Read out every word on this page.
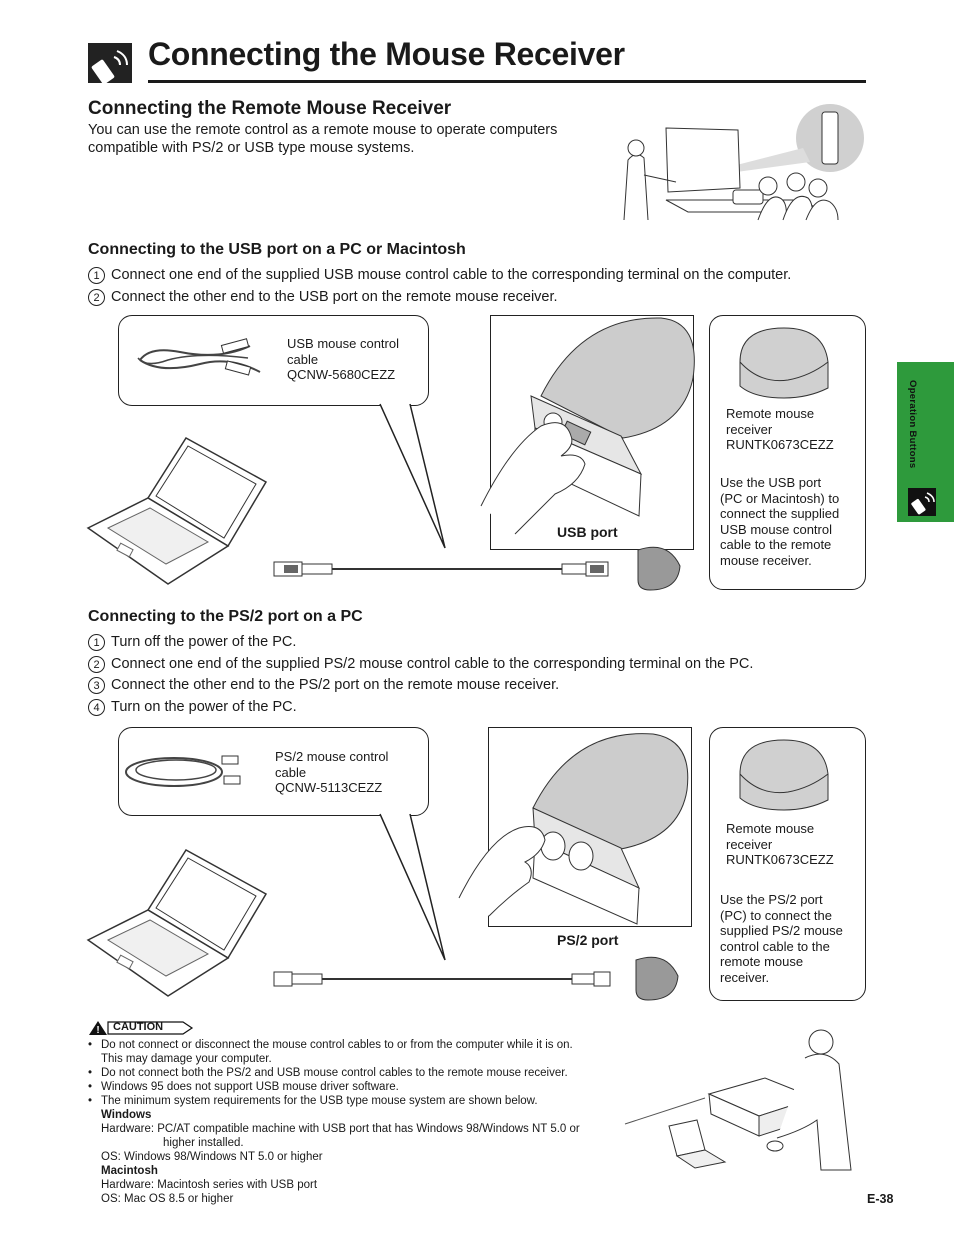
Connecting the Mouse Receiver
Connecting the Remote Mouse Receiver
You can use the remote control as a remote mouse to operate computers compatible with PS/2 or USB type mouse systems.
Connecting to the USB port on a PC or Macintosh
1 Connect one end of the supplied USB mouse control cable to the corresponding terminal on the computer.
2 Connect the other end to the USB port on the remote mouse receiver.
USB mouse control
cable
QCNW-5680CEZZ
USB port
Remote mouse
receiver
RUNTK0673CEZZ
Use the USB port
(PC or Macintosh) to
connect the supplied
USB mouse control
cable to the remote
mouse receiver.
Connecting to the PS/2 port on a PC
1 Turn off the power of the PC.
2 Connect one end of the supplied PS/2 mouse control cable to the corresponding terminal on the PC.
3 Connect the other end to the PS/2 port on the remote mouse receiver.
4 Turn on the power of the PC.
PS/2 mouse control
cable
QCNW-5113CEZZ
PS/2 port
Remote mouse
receiver
RUNTK0673CEZZ
Use the PS/2 port
(PC) to connect the
supplied PS/2 mouse
control cable to the
remote mouse
receiver.
Operation Buttons
! CAUTION
• Do not connect or disconnect the mouse control cables to or from the computer while it is on.
This may damage your computer.
• Do not connect both the PS/2 and USB mouse control cables to the remote mouse receiver.
• Windows 95 does not support USB mouse driver software.
• The minimum system requirements for the USB type mouse system are shown below.
Windows
Hardware: PC/AT compatible machine with USB port that has Windows 98/Windows NT 5.0 or
higher installed.
OS: Windows 98/Windows NT 5.0 or higher
Macintosh
Hardware: Macintosh series with USB port
OS: Mac OS 8.5 or higher	E-38
